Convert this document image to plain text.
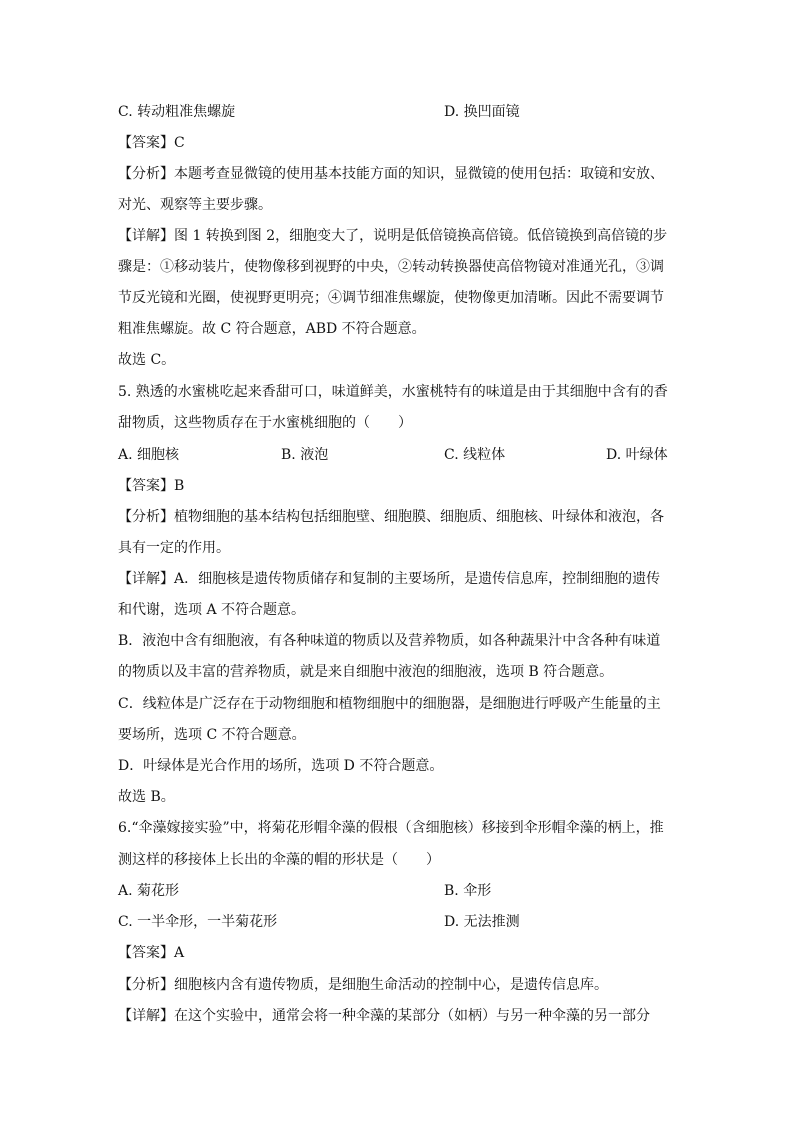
C. 转动粗准焦螺旋	D. 换凹面镜
【答案】C
【分析】本题考查显微镜的使用基本技能方面的知识，显微镜的使用包括：取镜和安放、
对光、观察等主要步骤。
【详解】图 1 转换到图 2，细胞变大了，说明是低倍镜换高倍镜。低倍镜换到高倍镜的步
骤是：①移动装片，使物像移到视野的中央，②转动转换器使高倍物镜对准通光孔，③调
节反光镜和光圈，使视野更明亮；④调节细准焦螺旋，使物像更加清晰。因此不需要调节
粗准焦螺旋。故 C 符合题意，ABD 不符合题意。
故选 C。
5. 熟透的水蜜桃吃起来香甜可口，味道鲜美，水蜜桃特有的味道是由于其细胞中含有的香
甜物质，这些物质存在于水蜜桃细胞的（　　）
A. 细胞核	B. 液泡	C. 线粒体	D. 叶绿体
【答案】B
【分析】植物细胞的基本结构包括细胞壁、细胞膜、细胞质、细胞核、叶绿体和液泡，各
具有一定的作用。
【详解】A．细胞核是遗传物质储存和复制的主要场所，是遗传信息库，控制细胞的遗传
和代谢，选项 A 不符合题意。
B．液泡中含有细胞液，有各种味道的物质以及营养物质，如各种蔬果汁中含各种有味道
的物质以及丰富的营养物质，就是来自细胞中液泡的细胞液，选项 B 符合题意。
C．线粒体是广泛存在于动物细胞和植物细胞中的细胞器，是细胞进行呼吸产生能量的主
要场所，选项 C 不符合题意。
D．叶绿体是光合作用的场所，选项 D 不符合题意。
故选 B。
6.“伞藻嫁接实验”中，将菊花形帽伞藻的假根（含细胞核）移接到伞形帽伞藻的柄上，推
测这样的移接体上长出的伞藻的帽的形状是（　　）
A. 菊花形	B. 伞形
C. 一半伞形，一半菊花形	D. 无法推测
【答案】A
【分析】细胞核内含有遗传物质，是细胞生命活动的控制中心，是遗传信息库。
【详解】在这个实验中，通常会将一种伞藻的某部分（如柄）与另一种伞藻的另一部分
